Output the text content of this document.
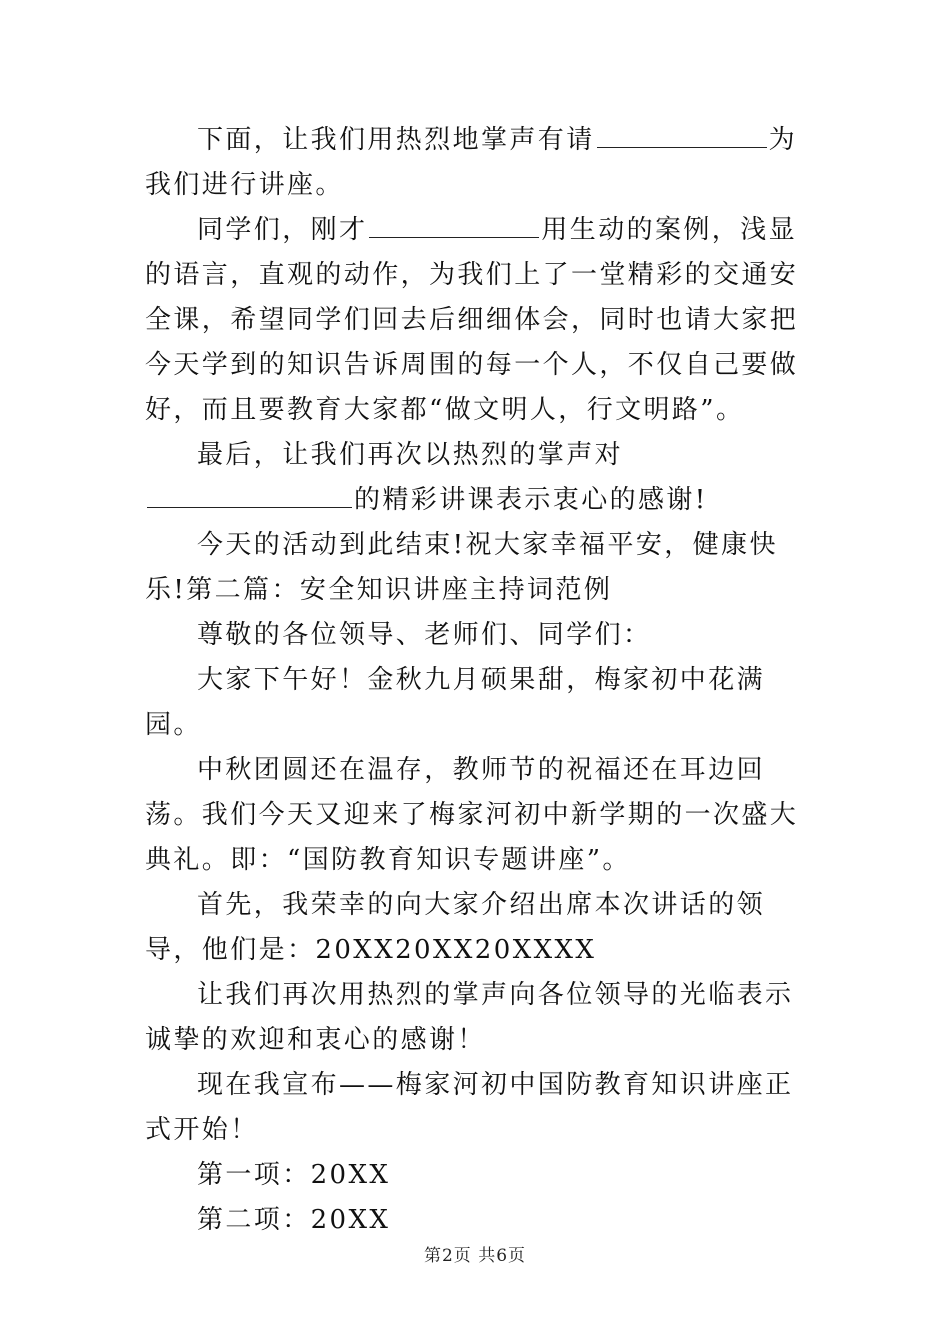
下面，让我们用热烈地掌声有请	为我们进行讲座。

同学们，刚才	用生动的案例，浅显的语言，直观的动作，为我们上了一堂精彩的交通安全课，希望同学们回去后细细体会，同时也请大家把今天学到的知识告诉周围的每一个人，不仅自己要做好，而且要教育大家都“做文明人，行文明路”。

最后，让我们再次以热烈的掌声对的精彩讲课表示衷心的感谢!

今天的活动到此结束!祝大家幸福平安，健康快乐!第二篇：安全知识讲座主持词范例

尊敬的各位领导、老师们、同学们：

大家下午好！金秋九月硕果甜，梅家初中花满园。

中秋团圆还在温存，教师节的祝福还在耳边回荡。我们今天又迎来了梅家河初中新学期的一次盛大典礼。即：“国防教育知识专题讲座”。

首先，我荣幸的向大家介绍出席本次讲话的领导，他们是：20XX20XX20XXXX

让我们再次用热烈的掌声向各位领导的光临表示诚挚的欢迎和衷心的感谢！

现在我宣布——梅家河初中国防教育知识讲座正式开始！

第一项：20XX

第二项：20XX

第2页 共6页
